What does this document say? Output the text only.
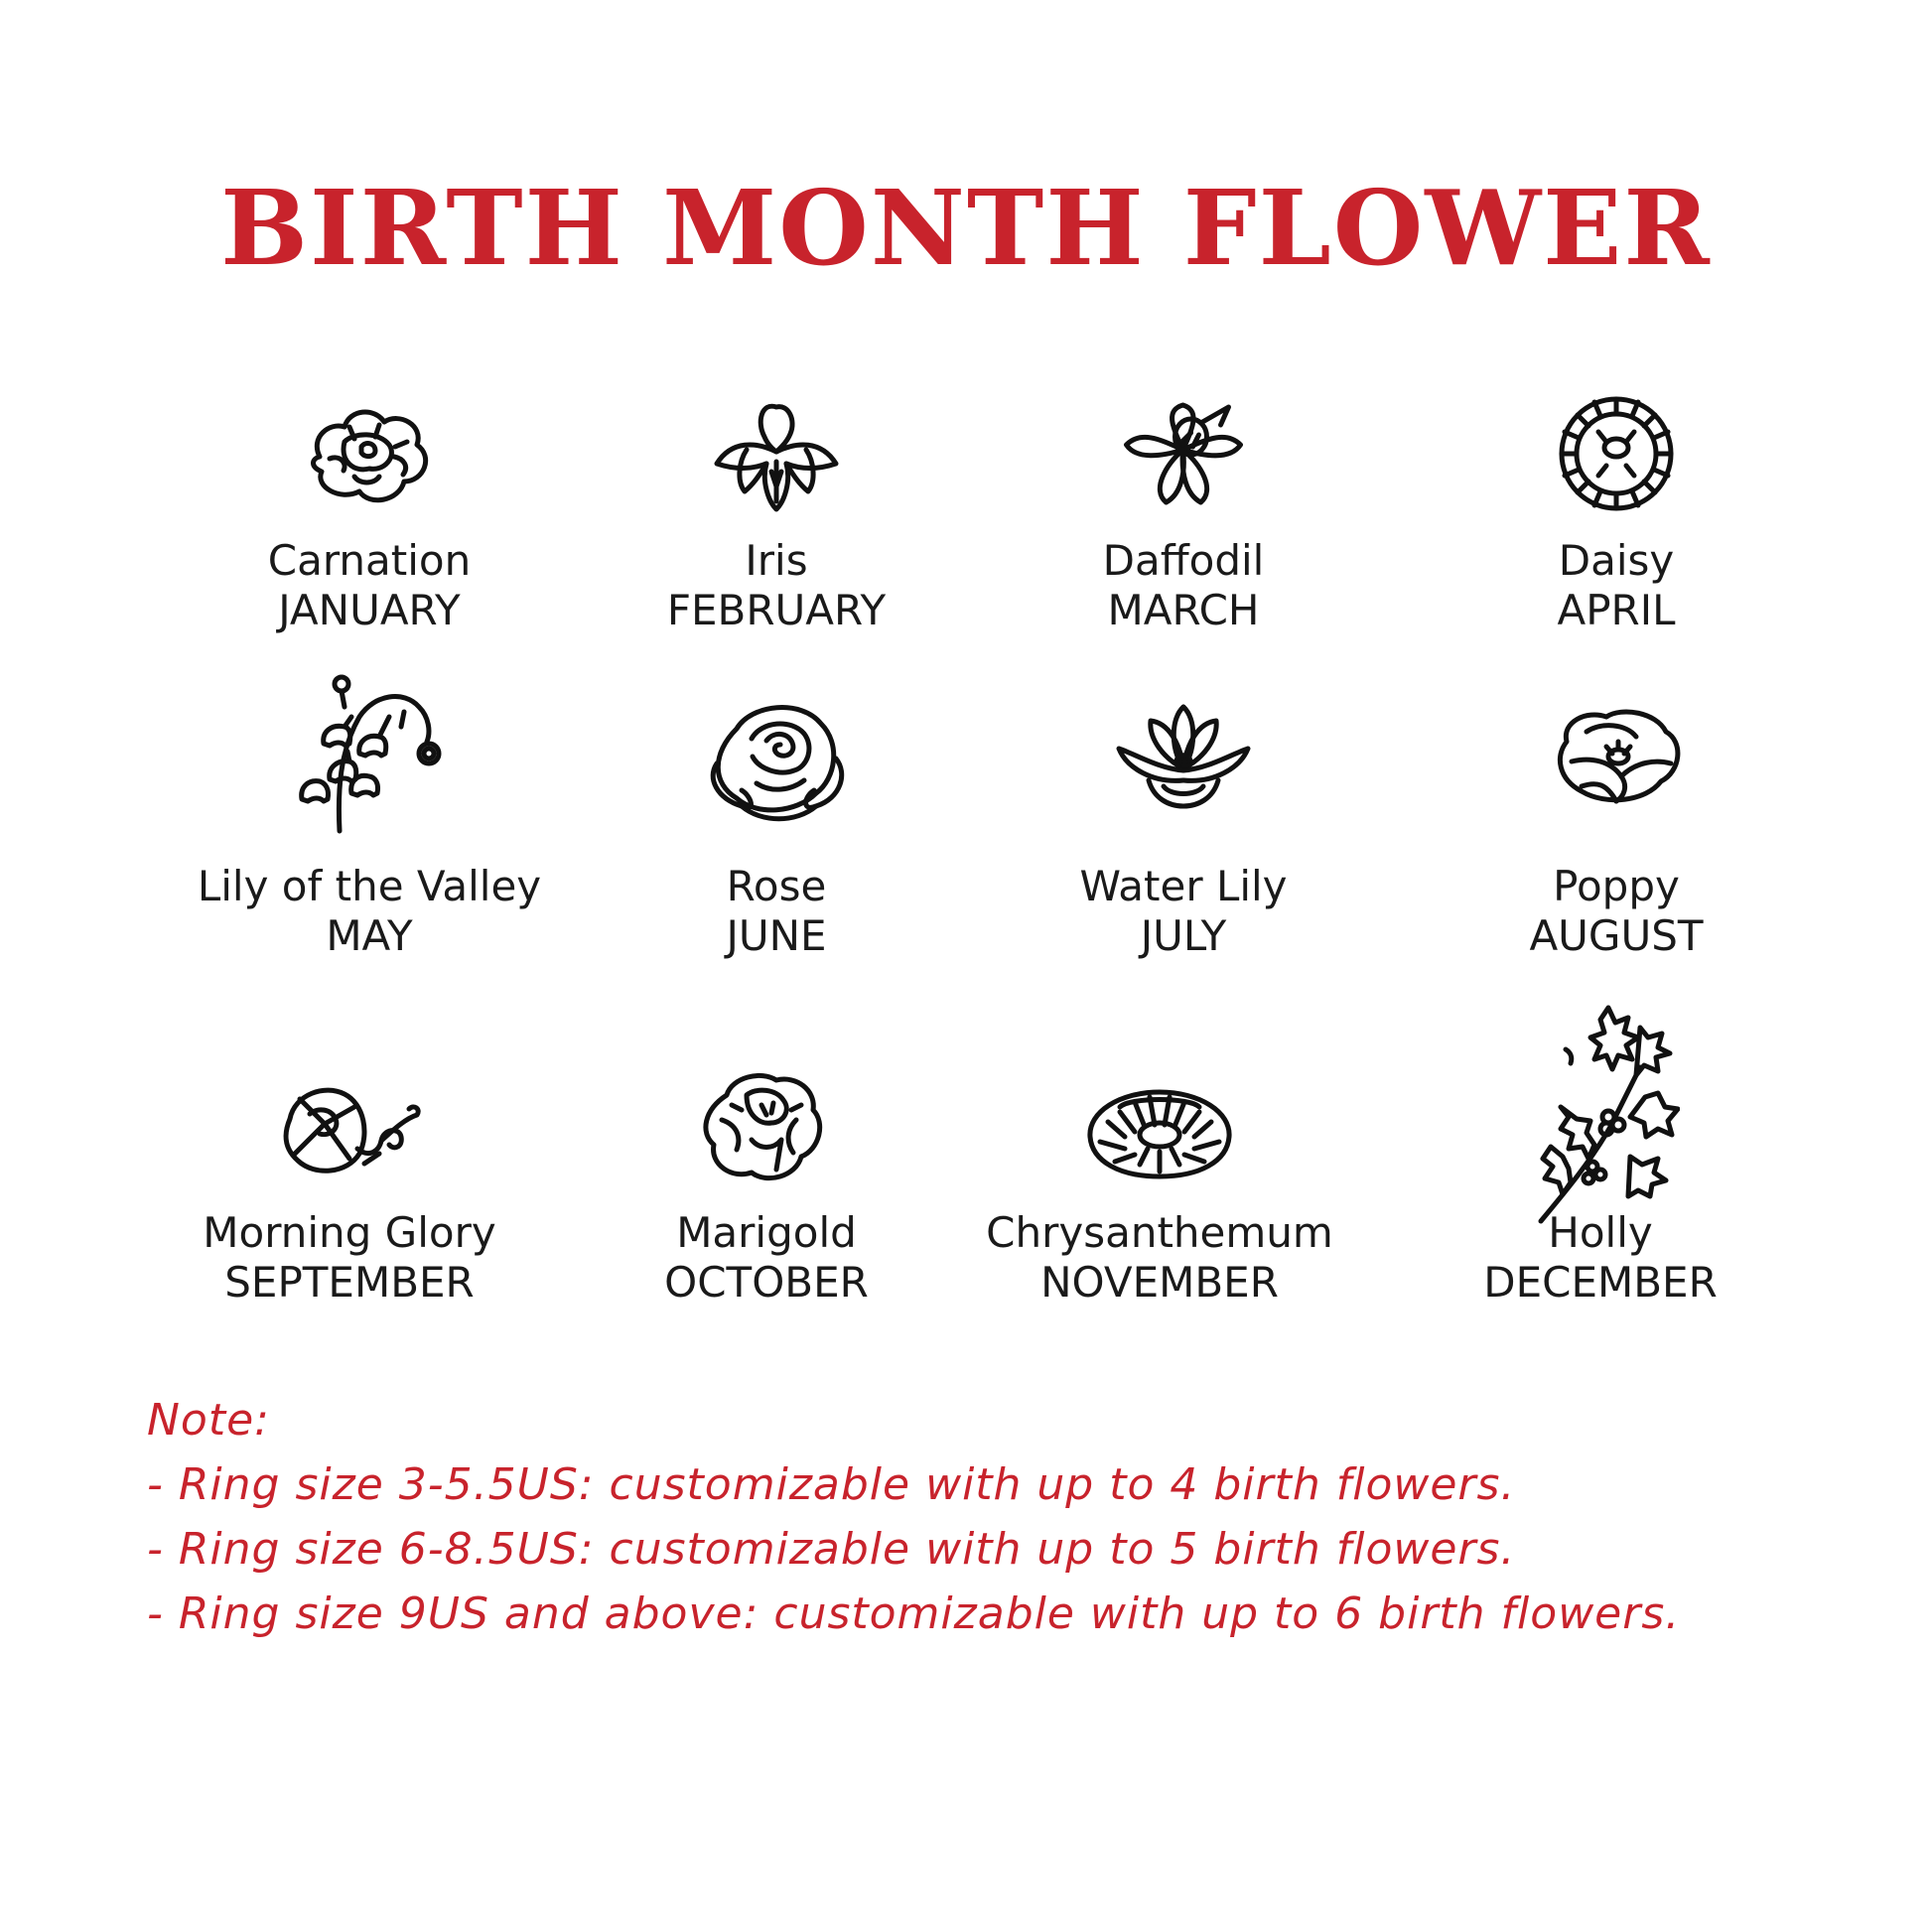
BIRTH MONTH FLOWER
Carnation
JANUARY
Iris
FEBRUARY
Daffodil
MARCH
Daisy
APRIL
Lily of the Valley
MAY
Rose
JUNE
Water Lily
JULY
Poppy
AUGUST
Morning Glory
SEPTEMBER
Marigold
OCTOBER
Chrysanthemum
NOVEMBER
Holly
DECEMBER
Note:
- Ring size 3-5.5US: customizable with up to 4 birth flowers.
- Ring size 6-8.5US: customizable with up to 5 birth flowers.
- Ring size 9US and above: customizable with up to 6 birth flowers.
